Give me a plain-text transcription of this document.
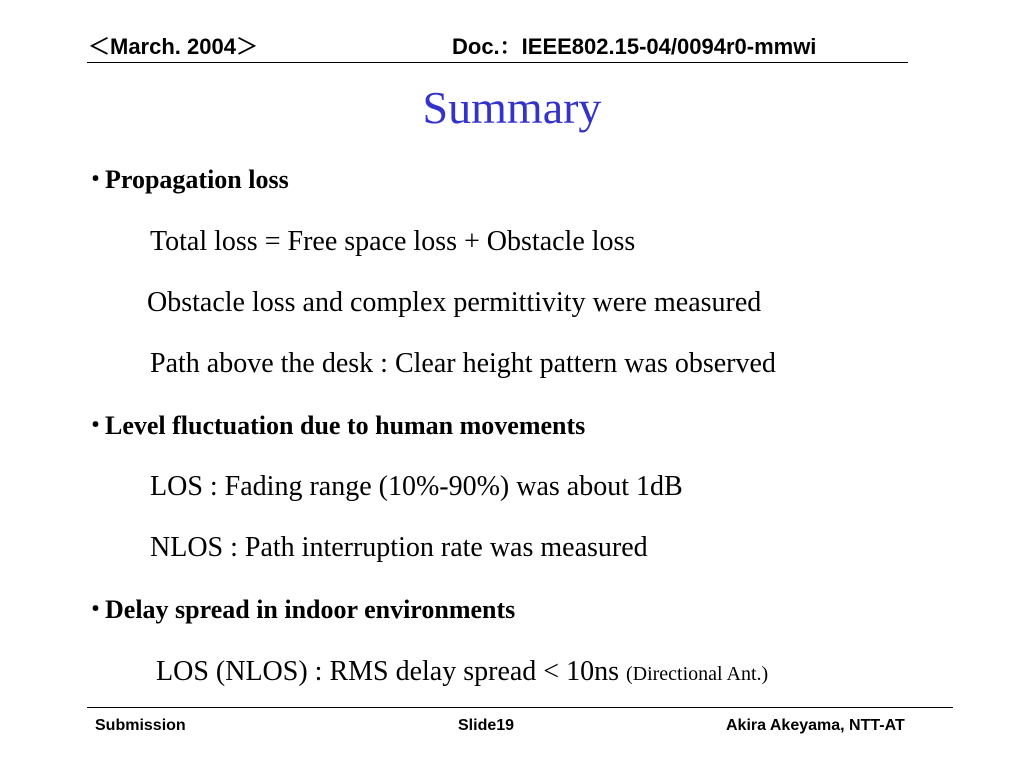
＜March. 2004＞	Doc.：IEEE802.15-04/0094r0-mmwi
Summary
･ Propagation loss
Total loss = Free space loss + Obstacle loss
Obstacle loss and complex permittivity were measured
Path above the desk : Clear height pattern was observed
･ Level fluctuation due to human movements
LOS : Fading range (10%-90%) was about 1dB
NLOS : Path interruption rate was measured
･ Delay spread in indoor environments
LOS (NLOS) : RMS delay spread < 10ns (Directional Ant.)
Submission	Slide19	Akira Akeyama, NTT-AT
